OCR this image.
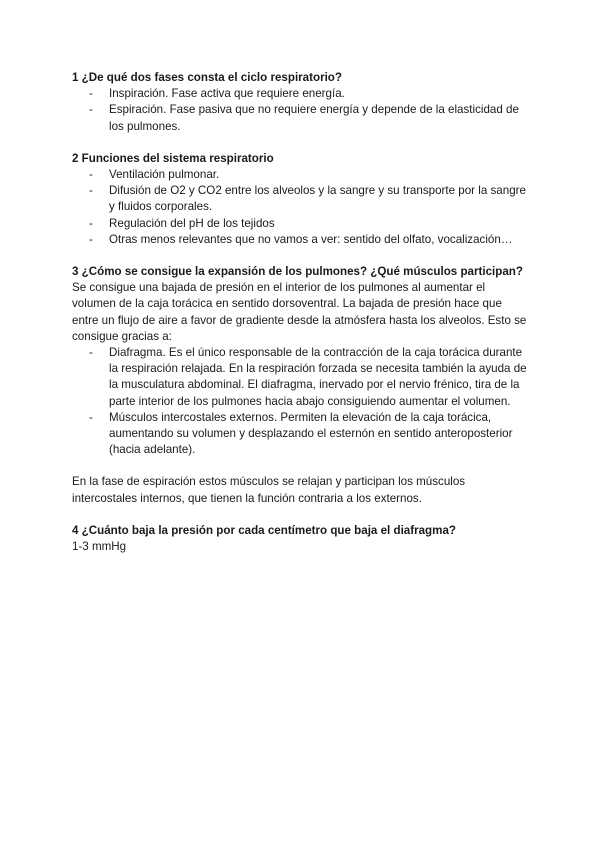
1 ¿De qué dos fases consta el ciclo respiratorio?

- Inspiración. Fase activa que requiere energía.
- Espiración. Fase pasiva que no requiere energía y depende de la elasticidad de los pulmones.

2 Funciones del sistema respiratorio

- Ventilación pulmonar.
- Difusión de O2 y CO2 entre los alveolos y la sangre y su transporte por la sangre y fluidos corporales.
- Regulación del pH de los tejidos
- Otras menos relevantes que no vamos a ver: sentido del olfato, vocalización…

3 ¿Cómo se consigue la expansión de los pulmones? ¿Qué músculos participan?

Se consigue una bajada de presión en el interior de los pulmones al aumentar el volumen de la caja torácica en sentido dorsoventral. La bajada de presión hace que entre un flujo de aire a favor de gradiente desde la atmósfera hasta los alveolos. Esto se consigue gracias a:

- Diafragma. Es el único responsable de la contracción de la caja torácica durante la respiración relajada. En la respiración forzada se necesita también la ayuda de la musculatura abdominal. El diafragma, inervado por el nervio frénico, tira de la parte interior de los pulmones hacia abajo consiguiendo aumentar el volumen.
- Músculos intercostales externos. Permiten la elevación de la caja torácica, aumentando su volumen y desplazando el esternón en sentido anteroposterior (hacia adelante).

En la fase de espiración estos músculos se relajan y participan los músculos intercostales internos, que tienen la función contraria a los externos.

4 ¿Cuánto baja la presión por cada centímetro que baja el diafragma?

1-3 mmHg
